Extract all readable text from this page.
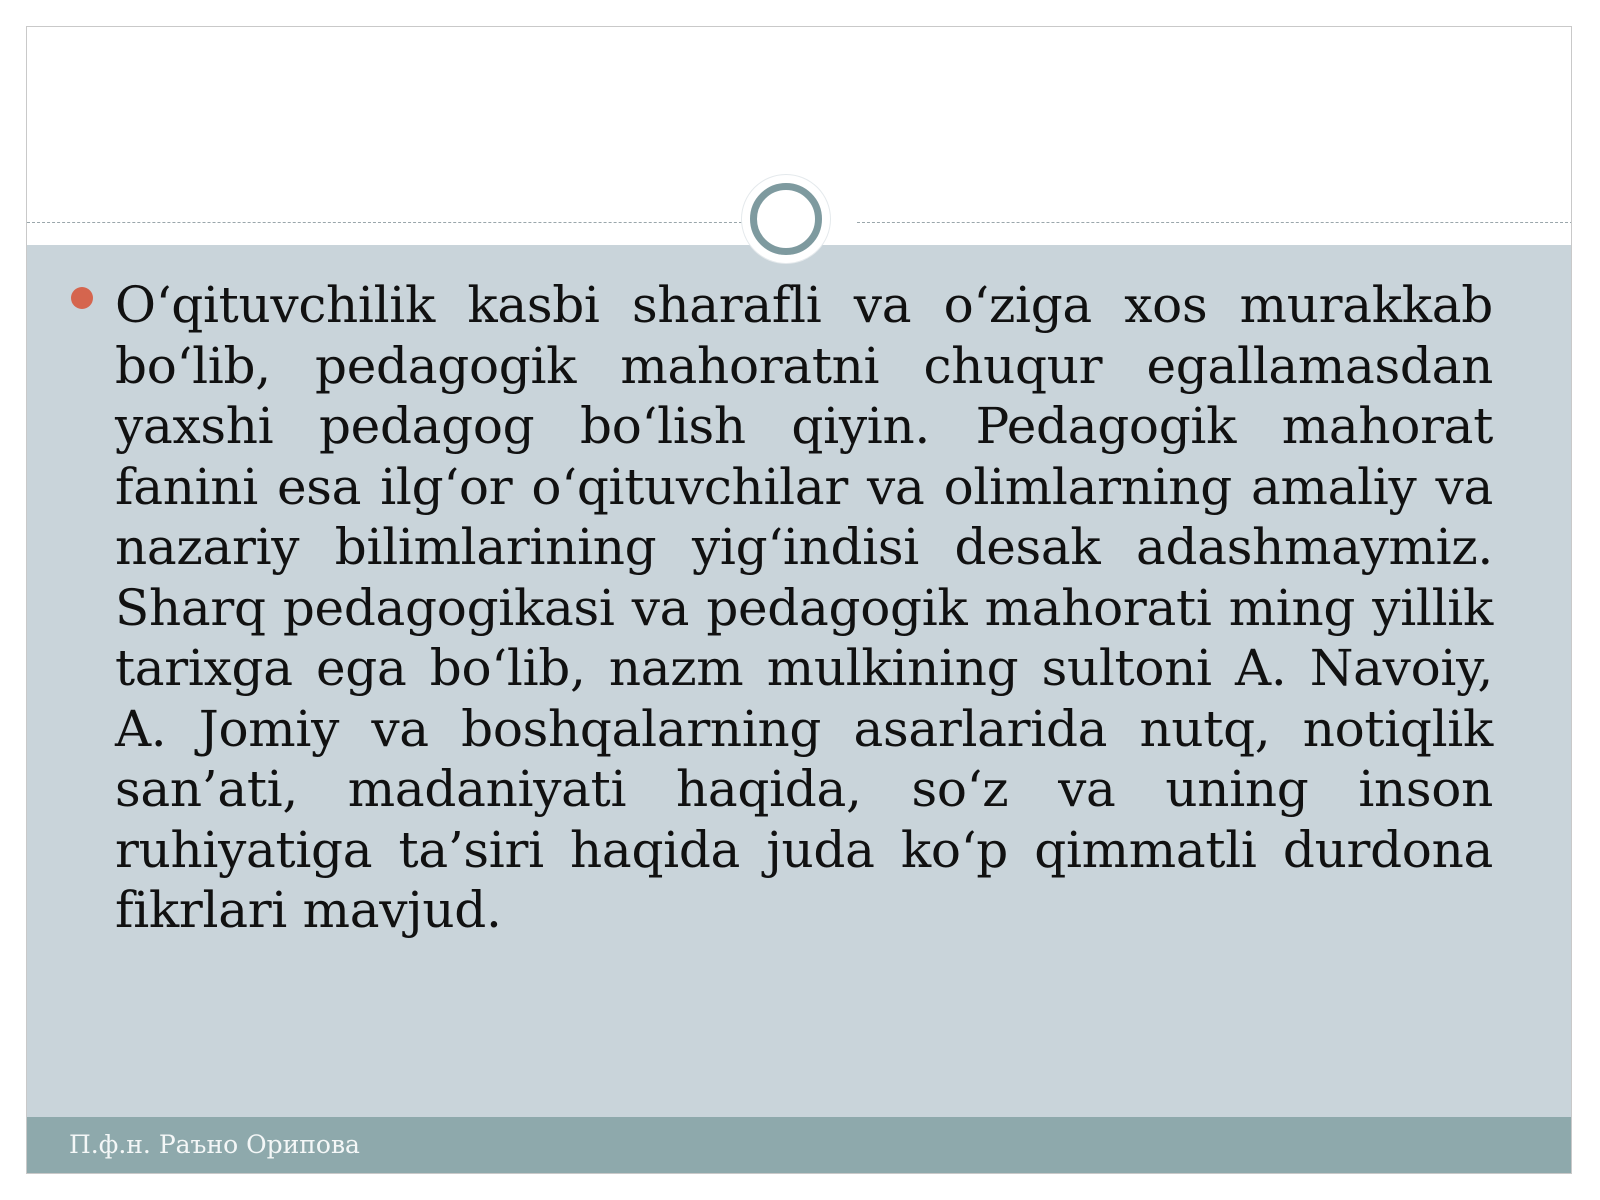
O‘qituvchilik kasbi sharafli va o‘ziga xos murakkab bo‘lib, pedagogik mahoratni chuqur egallamasdan yaxshi pedagog bo‘lish qiyin. Pedagogik mahorat fanini esa ilg‘or o‘qituvchilar va olimlarning amaliy va nazariy bilimlarining yig‘indisi desak adashmaymiz. Sharq pedagogikasi va pedagogik mahorati ming yillik tarixga ega bo‘lib, nazm mulkining sultoni A. Navoiy, A. Jomiy va boshqalarning asarlarida nutq, notiqlik san’ati, madaniyati haqida, so‘z va uning inson ruhiyatiga ta’siri haqida juda ko‘p qimmatli durdona fikrlari mavjud.

П.ф.н. Раъно Орипова
